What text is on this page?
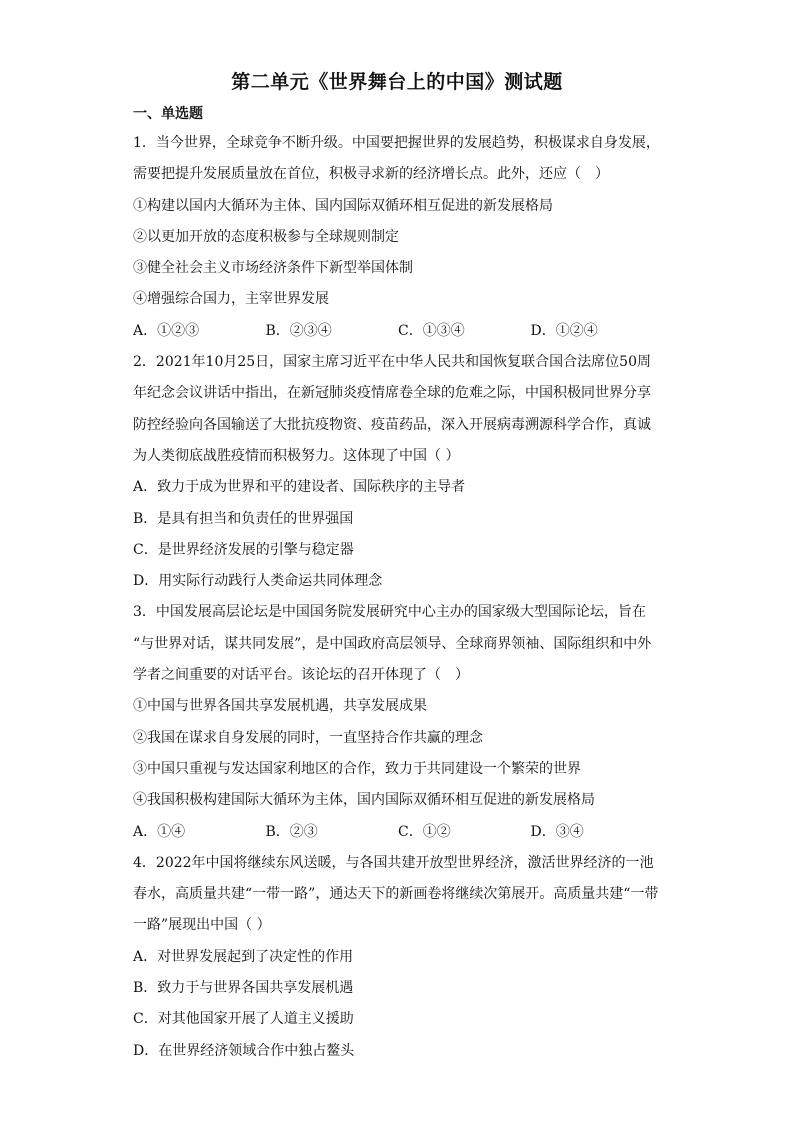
第二单元《世界舞台上的中国》测试题
一、单选题
1．当今世界，全球竞争不断升级。中国要把握世界的发展趋势，积极谋求自身发展，
需要把提升发展质量放在首位，积极寻求新的经济增长点。此外，还应（　）
①构建以国内大循环为主体、国内国际双循环相互促进的新发展格局
②以更加开放的态度积极参与全球规则制定
③健全社会主义市场经济条件下新型举国体制
④增强综合国力，主宰世界发展
A．①②③	B．②③④	C．①③④	D．①②④
2．2021年10月25日，国家主席习近平在中华人民共和国恢复联合国合法席位50周
年纪念会议讲话中指出，在新冠肺炎疫情席卷全球的危难之际，中国积极同世界分享
防控经验向各国输送了大批抗疫物资、疫苗药品，深入开展病毒溯源科学合作，真诚
为人类彻底战胜疫情而积极努力。这体现了中国（ ）
A．致力于成为世界和平的建设者、国际秩序的主导者
B．是具有担当和负责任的世界强国
C．是世界经济发展的引擎与稳定器
D．用实际行动践行人类命运共同体理念
3．中国发展高层论坛是中国国务院发展研究中心主办的国家级大型国际论坛，旨在
“与世界对话，谋共同发展”，是中国政府高层领导、全球商界领袖、国际组织和中外
学者之间重要的对话平台。该论坛的召开体现了（　）
①中国与世界各国共享发展机遇，共享发展成果
②我国在谋求自身发展的同时，一直坚持合作共赢的理念
③中国只重视与发达国家利地区的合作，致力于共同建设一个繁荣的世界
④我国积极构建国际大循环为主体，国内国际双循环相互促进的新发展格局
A．①④	B．②③	C．①②	D．③④
4．2022年中国将继续东风送暖，与各国共建开放型世界经济，激活世界经济的一池
春水，高质量共建“一带一路”，通达天下的新画卷将继续次第展开。高质量共建“一带
一路”展现出中国（ ）
A．对世界发展起到了决定性的作用
B．致力于与世界各国共享发展机遇
C．对其他国家开展了人道主义援助
D．在世界经济领域合作中独占鳌头
